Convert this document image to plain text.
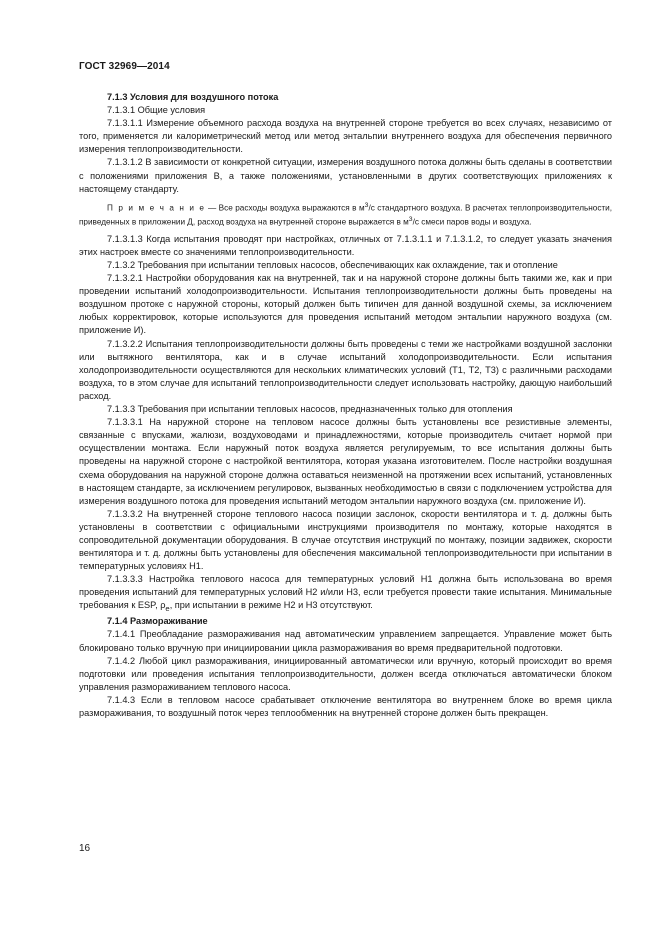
ГОСТ 32969—2014

7.1.3 Условия для воздушного потока

7.1.3.1 Общие условия

7.1.3.1.1 Измерение объемного расхода воздуха на внутренней стороне требуется во всех случаях, независимо от того, применяется ли калориметрический метод или метод энтальпии внутреннего воздуха для обеспечения первичного измерения теплопроизводительности.

7.1.3.1.2 В зависимости от конкретной ситуации, измерения воздушного потока должны быть сделаны в соответствии с положениями приложения В, а также положениями, установленными в других соответствующих приложениях к настоящему стандарту.

П р и м е ч а н и е — Все расходы воздуха выражаются в $м^3/с$ стандартного воздуха. В расчетах теплопроизводительности, приведенных в приложении Д, расход воздуха на внутренней стороне выражается в $м^3/с$ смеси паров воды и воздуха.

7.1.3.1.3 Когда испытания проводят при настройках, отличных от 7.1.3.1.1 и 7.1.3.1.2, то следует указать значения этих настроек вместе со значениями теплопроизводительности.

7.1.3.2 Требования при испытании тепловых насосов, обеспечивающих как охлаждение, так и отопление

7.1.3.2.1 Настройки оборудования как на внутренней, так и на наружной стороне должны быть такими же, как и при проведении испытаний холодопроизводительности. Испытания теплопроизводительности должны быть проведены на воздушном протоке с наружной стороны, который должен быть типичен для данной воздушной схемы, за исключением любых корректировок, которые используются для проведения испытаний методом энтальпии наружного воздуха (см. приложение И).

7.1.3.2.2 Испытания теплопроизводительности должны быть проведены с теми же настройками воздушной заслонки или вытяжного вентилятора, как и в случае испытаний холодопроизводительности. Если испытания холодопроизводительности осуществляются для нескольких климатических условий (Т1, Т2, Т3) с различными расходами воздуха, то в этом случае для испытаний теплопроизводительности следует использовать настройку, дающую наибольший расход.

7.1.3.3 Требования при испытании тепловых насосов, предназначенных только для отопления

7.1.3.3.1 На наружной стороне на тепловом насосе должны быть установлены все резистивные элементы, связанные с впусками, жалюзи, воздуховодами и принадлежностями, которые производитель считает нормой при осуществлении монтажа. Если наружный поток воздуха является регулируемым, то все испытания должны быть проведены на наружной стороне с настройкой вентилятора, которая указана изготовителем. После настройки воздушная схема оборудования на наружной стороне должна оставаться неизменной на протяжении всех испытаний, установленных в настоящем стандарте, за исключением регулировок, вызванных необходимостью в связи с подключением устройства для измерения воздушного потока для проведения испытаний методом энтальпии наружного воздуха (см. приложение И).

7.1.3.3.2 На внутренней стороне теплового насоса позиции заслонок, скорости вентилятора и т. д. должны быть установлены в соответствии с официальными инструкциями производителя по монтажу, которые находятся в сопроводительной документации оборудования. В случае отсутствия инструкций по монтажу, позиции задвижек, скорости вентилятора и т. д. должны быть установлены для обеспечения максимальной теплопроизводительности при испытании в температурных условиях Н1.

7.1.3.3.3 Настройка теплового насоса для температурных условий Н1 должна быть использована во время проведения испытаний для температурных условий Н2 и/или Н3, если требуется провести такие испытания. Минимальные требования к ESP, $\rho_e$, при испытании в режиме Н2 и Н3 отсутствуют.

7.1.4 Размораживание

7.1.4.1 Преобладание размораживания над автоматическим управлением запрещается. Управление может быть блокировано только вручную при инициировании цикла размораживания во время предварительной подготовки.

7.1.4.2 Любой цикл размораживания, инициированный автоматически или вручную, который происходит во время подготовки или проведения испытания теплопроизводительности, должен всегда отключаться автоматически блоком управления размораживанием теплового насоса.

7.1.4.3 Если в тепловом насосе срабатывает отключение вентилятора во внутреннем блоке во время цикла размораживания, то воздушный поток через теплообменник на внутренней стороне должен быть прекращен.

16
